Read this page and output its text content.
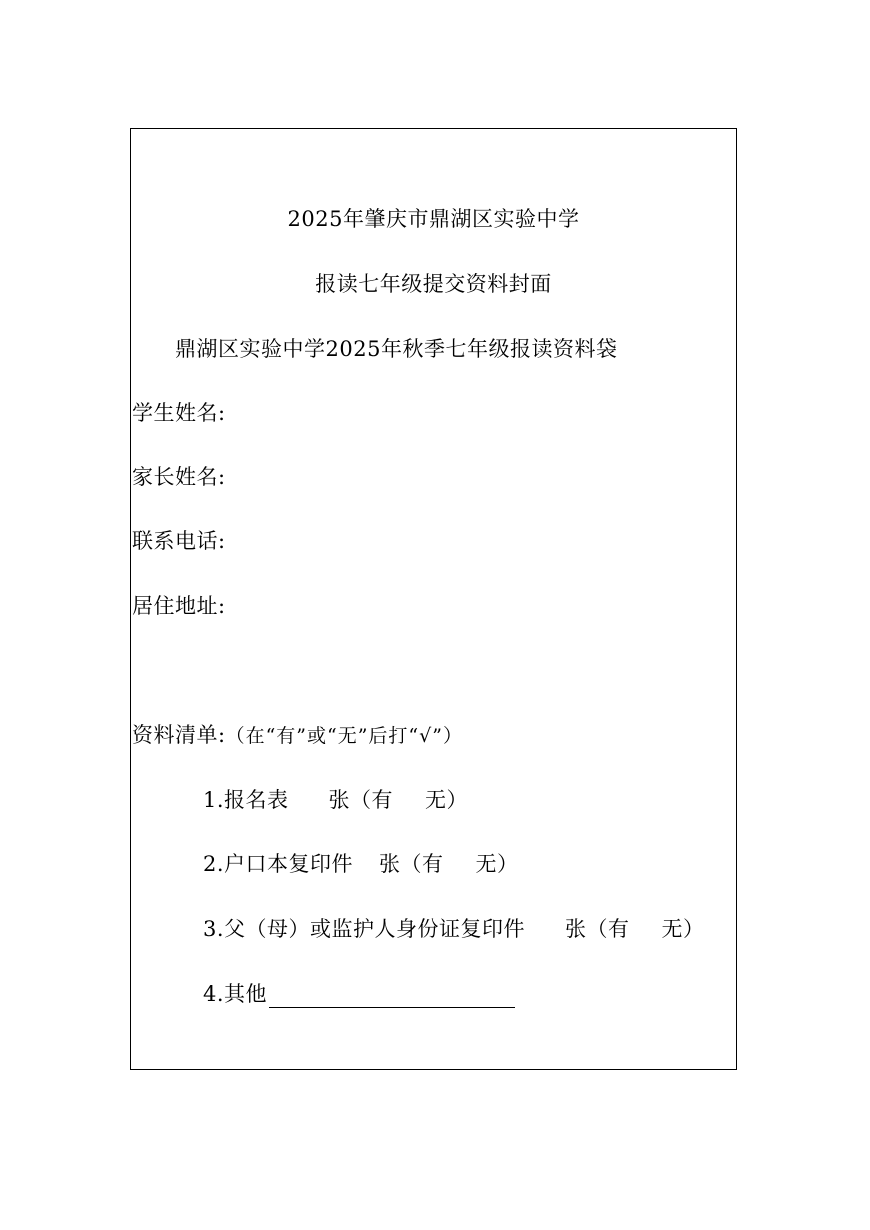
2025年肇庆市鼎湖区实验中学
报读七年级提交资料封面
鼎湖区实验中学2025年秋季七年级报读资料袋
学生姓名:
家长姓名:
联系电话:
居住地址:
资料清单:（在“有”或“无”后打“√”）
1.报名表 张（有 无）
2.户口本复印件 张（有 无）
3.父（母）或监护人身份证复印件 张（有 无）
4.其他
